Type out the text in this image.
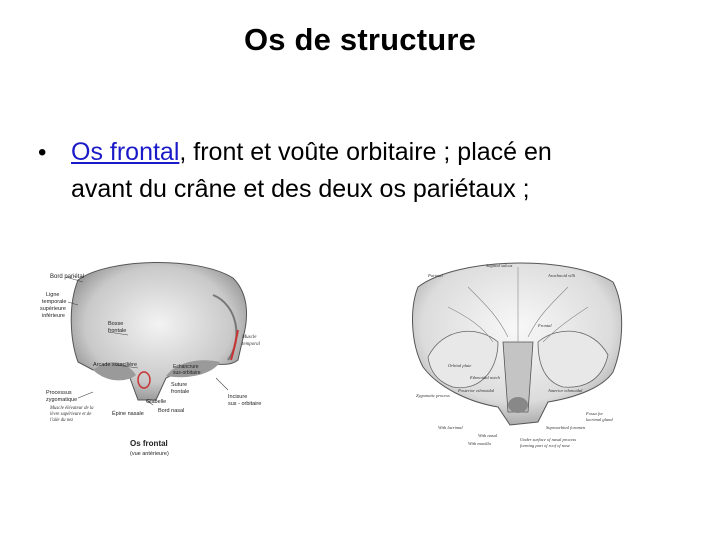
Os de structure
• Os frontal, front et voûte orbitaire ; placé en
avant du crâne et des deux os pariétaux ;
Bord pariétal
Ligne
temporale
supérieure
inférieure
Bosse
frontale
Muscle
temporal
Arcade sourcilière	Echancrure
sus-orbitaire
Suture
frontale
Processus
zygomatique	Glabelle
Bord nasal
Incisure
sus - orbitaire
Muscle élévateur de la
lèvre supérieure et de
l'aile du nez
Épine nasale
Os frontal
(vue antérieure)
Parietal
Sagittal sulcus
Arachnoid villi
Frontal
Orbital plate
Ethmoidal notch
Posterior ethmoidal	Anterior ethmoidal
Fossa for
lacrimal gland
With lacrimal	Supraorbital foramen
With nasal
With maxilla
Under surface of nasal process
forming part of roof of nose
Zygomatic process
